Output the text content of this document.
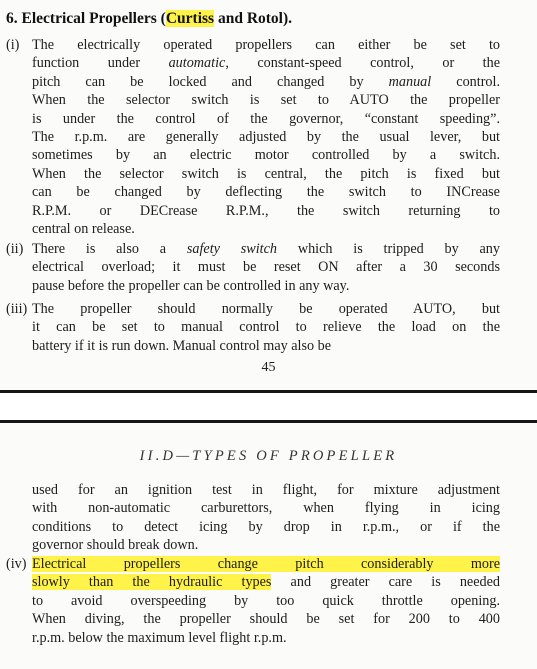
6. Electrical Propellers (Curtiss and Rotol).
(i) The electrically operated propellers can either be set to
function under automatic, constant-speed control, or the
pitch can be locked and changed by manual control.
When the selector switch is set to AUTO the propeller
is under the control of the governor, “constant speeding”.
The r.p.m. are generally adjusted by the usual lever, but
sometimes by an electric motor controlled by a switch.
When the selector switch is central, the pitch is fixed but
can be changed by deflecting the switch to INCrease
R.P.M. or DECrease R.P.M., the switch returning to
central on release.
(ii) There is also a safety switch which is tripped by any
electrical overload; it must be reset ON after a 30 seconds
pause before the propeller can be controlled in any way.
(iii) The propeller should normally be operated AUTO, but
it can be set to manual control to relieve the load on the
battery if it is run down. Manual control may also be
45
II.D—TYPES OF PROPELLER
used for an ignition test in flight, for mixture adjustment
with non-automatic carburettors, when flying in icing
conditions to detect icing by drop in r.p.m., or if the
governor should break down.
(iv) Electrical propellers change pitch considerably more
slowly than the hydraulic types and greater care is needed
to avoid overspeeding by too quick throttle opening.
When diving, the propeller should be set for 200 to 400
r.p.m. below the maximum level flight r.p.m.
